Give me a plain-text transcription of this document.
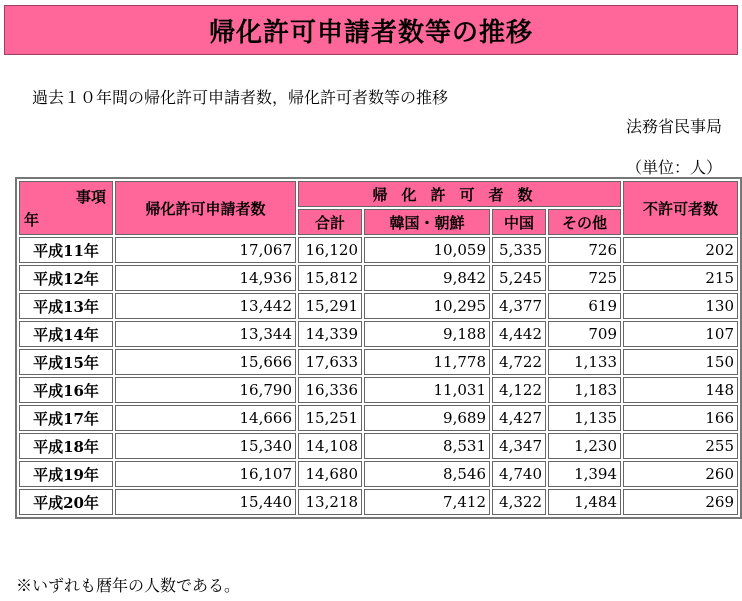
帰化許可申請者数等の推移
過去１０年間の帰化許可申請者数，帰化許可者数等の推移
法務省民事局
（単位：人）
事項
年	帰化許可申請者数	帰化許可者数				不許可者数
		合計	韓国・朝鮮	中国	その他	
平成11年	17,067	16,120	10,059	5,335	726	202
平成12年	14,936	15,812	9,842	5,245	725	215
平成13年	13,442	15,291	10,295	4,377	619	130
平成14年	13,344	14,339	9,188	4,442	709	107
平成15年	15,666	17,633	11,778	4,722	1,133	150
平成16年	16,790	16,336	11,031	4,122	1,183	148
平成17年	14,666	15,251	9,689	4,427	1,135	166
平成18年	15,340	14,108	8,531	4,347	1,230	255
平成19年	16,107	14,680	8,546	4,740	1,394	260
平成20年	15,440	13,218	7,412	4,322	1,484	269
※いずれも暦年の人数である。
